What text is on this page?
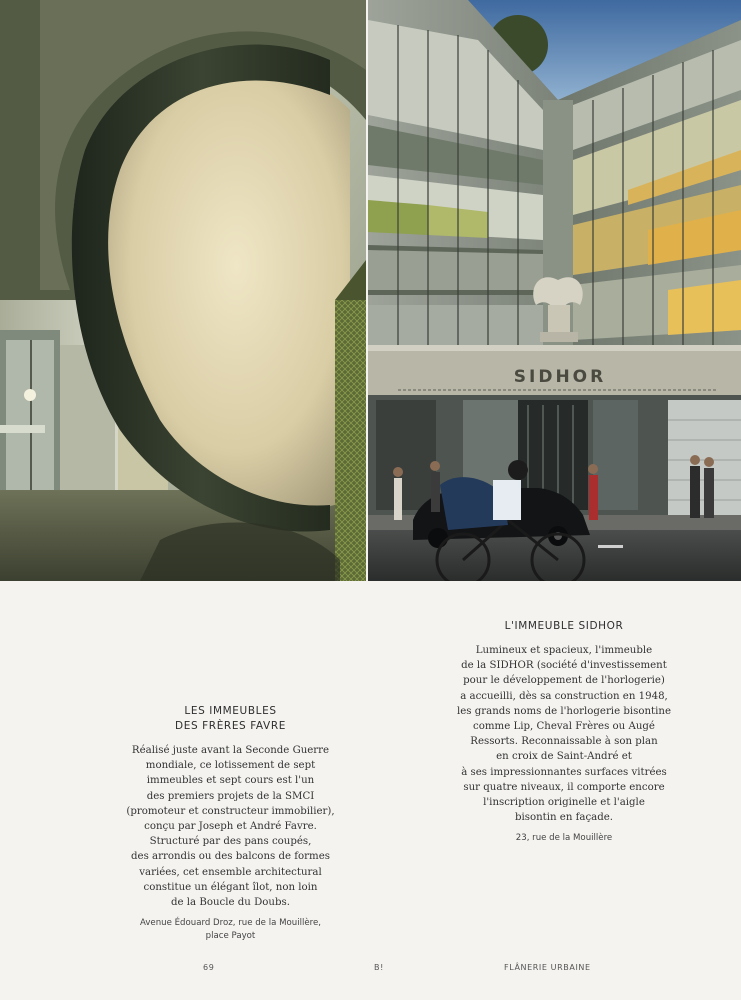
SIDHOR
LES IMMEUBLES
DES FRÈRES FAVRE

Réalisé juste avant la Seconde Guerre
mondiale, ce lotissement de sept
immeubles et sept cours est l'un
des premiers projets de la SMCI
(promoteur et constructeur immobilier),
conçu par Joseph et André Favre.
Structuré par des pans coupés,
des arrondis ou des balcons de formes
variées, cet ensemble architectural
constitue un élégant îlot, non loin
de la Boucle du Doubs.

Avenue Édouard Droz, rue de la Mouillère,
place Payot
L'IMMEUBLE SIDHOR

Lumineux et spacieux, l'immeuble
de la SIDHOR (société d'investissement
pour le développement de l'horlogerie)
a accueilli, dès sa construction en 1948,
les grands noms de l'horlogerie bisontine
comme Lip, Cheval Frères ou Augé
Ressorts. Reconnaissable à son plan
en croix de Saint-André et
à ses impressionnantes surfaces vitrées
sur quatre niveaux, il comporte encore
l'inscription originelle et l'aigle
bisontin en façade.

23, rue de la Mouillère
69	B!	FLÂNERIE URBAINE
